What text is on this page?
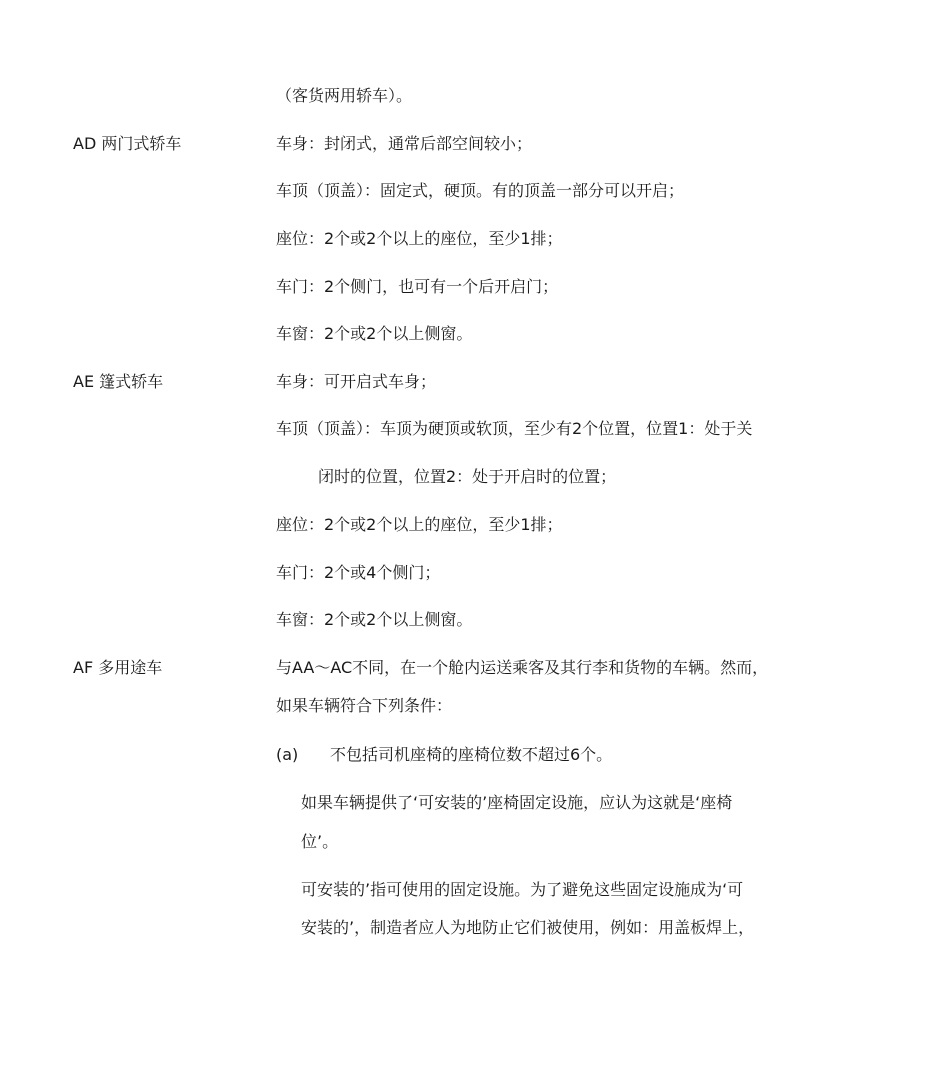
（客货两用轿车）。
AD 两门式轿车	车身：封闭式，通常后部空间较小；
车顶（顶盖）：固定式，硬顶。有的顶盖一部分可以开启；
座位：2个或2个以上的座位，至少1排；
车门：2个侧门，也可有一个后开启门；
车窗：2个或2个以上侧窗。
AE 篷式轿车	车身：可开启式车身；
车顶（顶盖）：车顶为硬顶或软顶，至少有2个位置，位置1：处于关
闭时的位置，位置2：处于开启时的位置；
座位：2个或2个以上的座位，至少1排；
车门：2个或4个侧门；
车窗：2个或2个以上侧窗。
AF 多用途车	与AA～AC不同，在一个舱内运送乘客及其行李和货物的车辆。然而，
如果车辆符合下列条件：
(a) 不包括司机座椅的座椅位数不超过6个。
如果车辆提供了‘可安装的’座椅固定设施，应认为这就是‘座椅
位’。
可安装的’指可使用的固定设施。为了避免这些固定设施成为‘可
安装的’，制造者应人为地防止它们被使用，例如：用盖板焊上，
